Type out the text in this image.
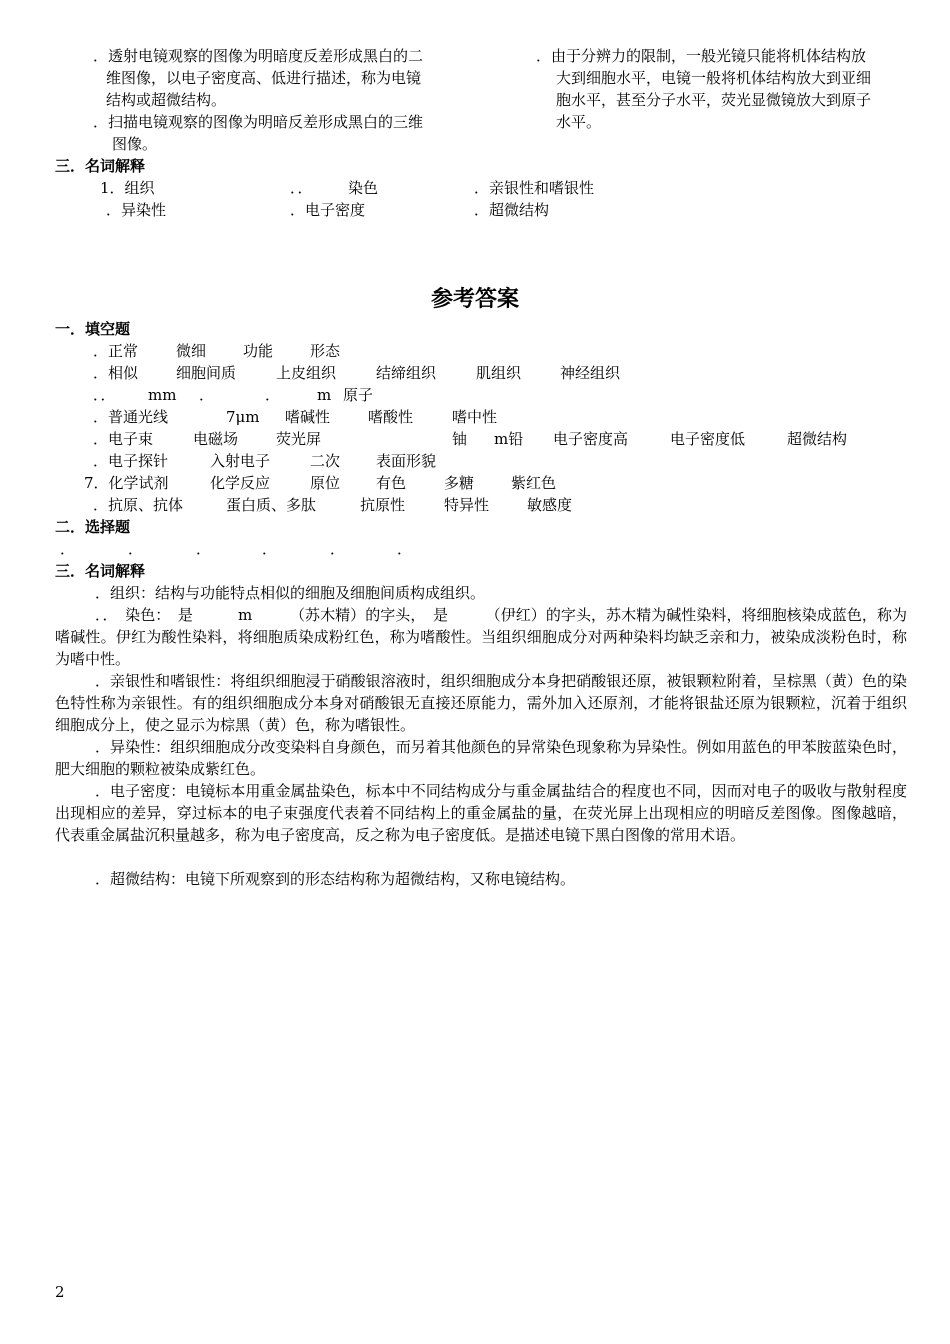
．透射电镜观察的图像为明暗度反差形成黑白的二
维图像，以电子密度高、低进行描述，称为电镜
结构或超微结构。
．扫描电镜观察的图像为明暗反差形成黑白的三维
图像。
．由于分辨力的限制，一般光镜只能将机体结构放
大到细胞水平，电镜一般将机体结构放大到亚细
胞水平，甚至分子水平，荧光显微镜放大到原子
水平。
三．名词解释
1．组织	．． 染色	．亲银性和嗜银性
．异染性	．电子密度	．超微结构
参考答案
一．填空题
．正常	微细 功能 形态
．相似	细胞间质	上皮组织	结缔组织	肌组织	神经组织
．． mm ．	． m 原子
．普通光线	7μm 嗜碱性	嗜酸性	嗜中性
．电子束	电磁场	荧光屏	铀 m铅 电子密度高	电子密度低	超微结构
．电子探针	入射电子	二次 表面形貌
7．化学试剂	化学反应	原位 有色	多糖 紫红色
．抗原、抗体	蛋白质、多肽	抗原性	特异性	敏感度
二．选择题
．	．	．	．	．	．
三．名词解释
．组织：结构与功能特点相似的细胞及细胞间质构成组织。
．．　染色：　是　　　m　　　（苏木精）的字头，　是　　　（伊红）的字头，苏木精为碱性染料，将细胞核染成蓝色，称为嗜碱性。伊红为酸性染料，将细胞质染成粉红色，称为嗜酸性。当组织细胞成分对两种染料均缺乏亲和力，被染成淡粉色时，称为嗜中性。
．亲银性和嗜银性：将组织细胞浸于硝酸银溶液时，组织细胞成分本身把硝酸银还原，被银颗粒附着，呈棕黑（黄）色的染色特性称为亲银性。有的组织细胞成分本身对硝酸银无直接还原能力，需外加入还原剂，才能将银盐还原为银颗粒，沉着于组织细胞成分上，使之显示为棕黑（黄）色，称为嗜银性。
．异染性：组织细胞成分改变染料自身颜色，而另着其他颜色的异常染色现象称为异染性。例如用蓝色的甲苯胺蓝染色时，肥大细胞的颗粒被染成紫红色。
．电子密度：电镜标本用重金属盐染色，标本中不同结构成分与重金属盐结合的程度也不同，因而对电子的吸收与散射程度出现相应的差异，穿过标本的电子束强度代表着不同结构上的重金属盐的量，在荧光屏上出现相应的明暗反差图像。图像越暗，代表重金属盐沉积量越多，称为电子密度高，反之称为电子密度低。是描述电镜下黑白图像的常用术语。
．超微结构：电镜下所观察到的形态结构称为超微结构，又称电镜结构。
2
